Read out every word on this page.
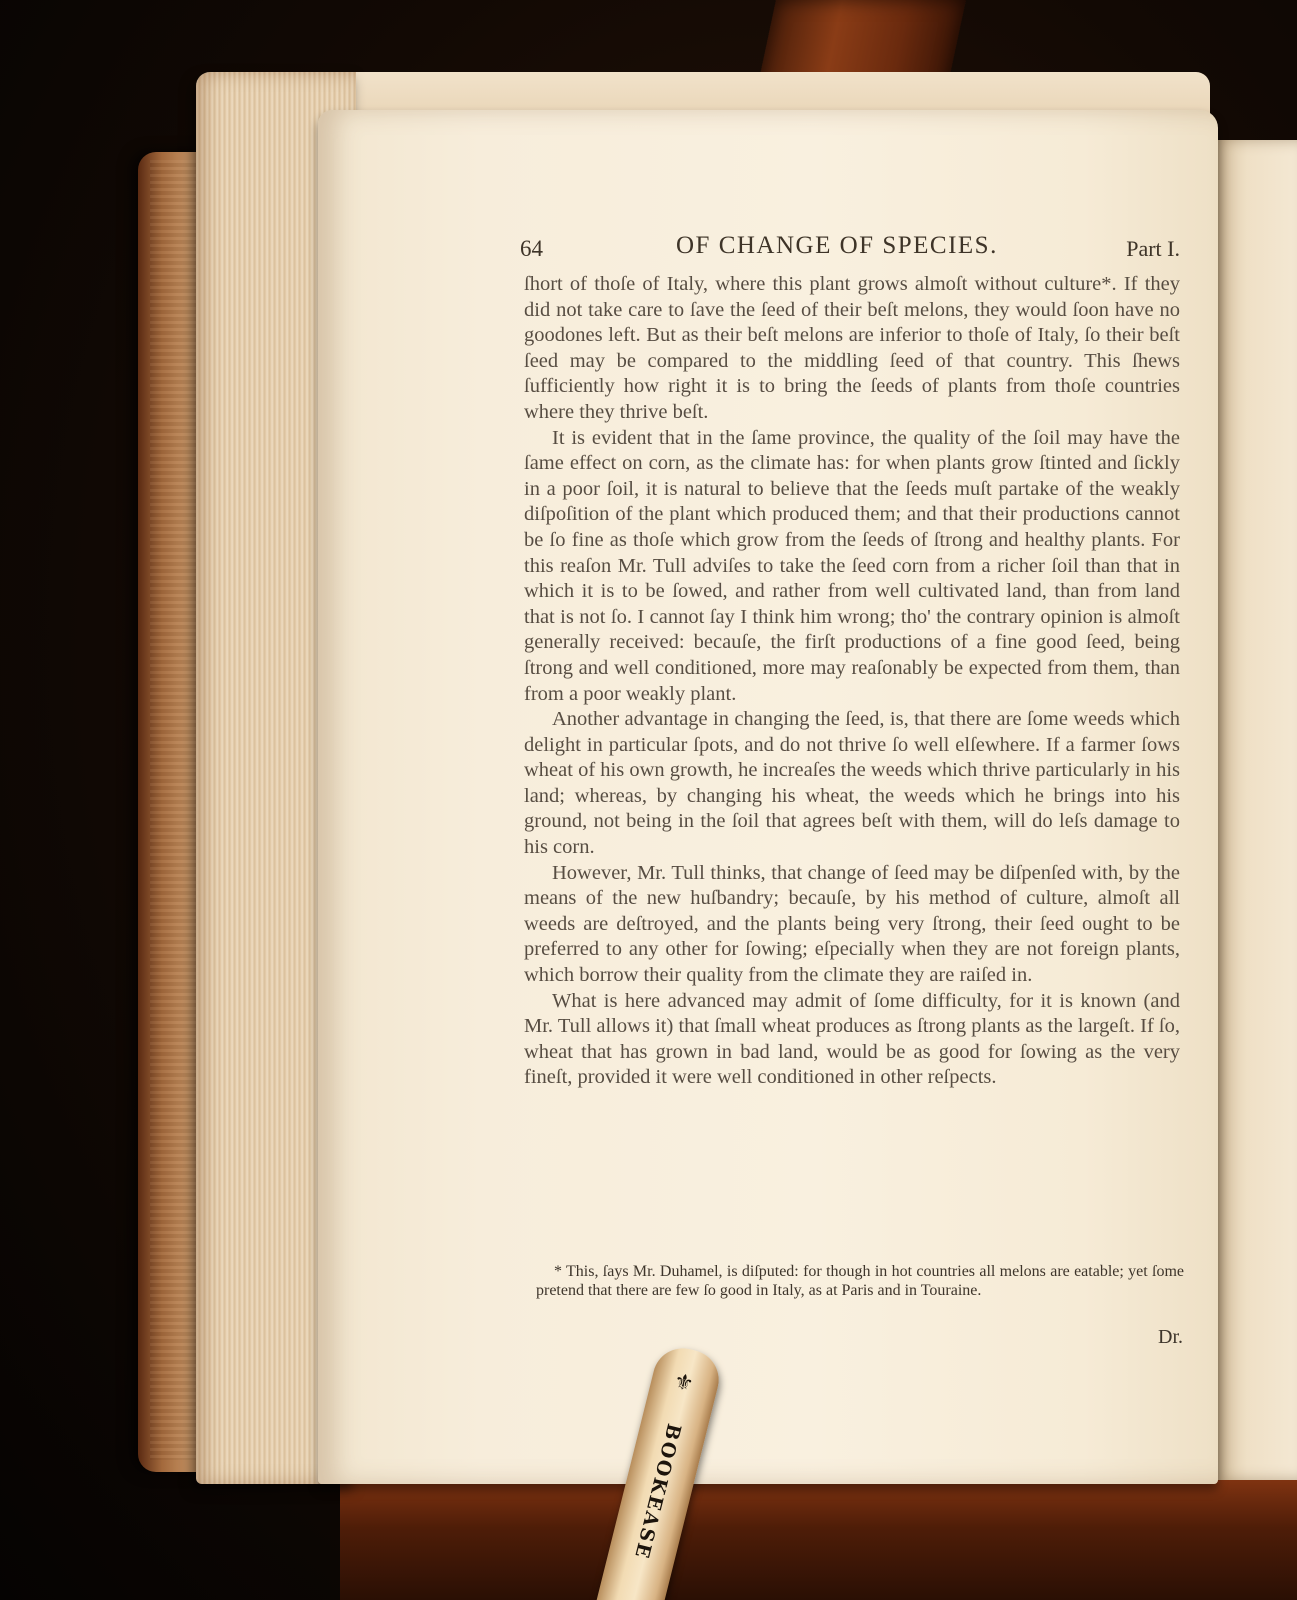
64	OF CHANGE OF SPECIES.	Part I.

ſhort of thoſe of Italy, where this plant grows almoſt without culture*. If they did not take care to ſave the ſeed of their beſt melons, they would ſoon have no goodones left. But as their beſt melons are inferior to thoſe of Italy, ſo their beſt ſeed may be compared to the middling ſeed of that country. This ſhews ſufficiently how right it is to bring the ſeeds of plants from thoſe countries where they thrive beſt.

It is evident that in the ſame province, the quality of the ſoil may have the ſame effect on corn, as the climate has: for when plants grow ſtinted and ſickly in a poor ſoil, it is natural to believe that the ſeeds muſt partake of the weakly diſpoſition of the plant which produced them; and that their productions cannot be ſo fine as thoſe which grow from the ſeeds of ſtrong and healthy plants. For this reaſon Mr. Tull adviſes to take the ſeed corn from a richer ſoil than that in which it is to be ſowed, and rather from well cultivated land, than from land that is not ſo. I cannot ſay I think him wrong; tho' the contrary opinion is almoſt generally received: becauſe, the firſt productions of a fine good ſeed, being ſtrong and well conditioned, more may reaſonably be expected from them, than from a poor weakly plant.

Another advantage in changing the ſeed, is, that there are ſome weeds which delight in particular ſpots, and do not thrive ſo well elſewhere. If a farmer ſows wheat of his own growth, he increaſes the weeds which thrive particularly in his land; whereas, by changing his wheat, the weeds which he brings into his ground, not being in the ſoil that agrees beſt with them, will do leſs damage to his corn.

However, Mr. Tull thinks, that change of ſeed may be diſpenſed with, by the means of the new huſbandry; becauſe, by his method of culture, almoſt all weeds are deſtroyed, and the plants being very ſtrong, their ſeed ought to be preferred to any other for ſowing; eſpecially when they are not foreign plants, which borrow their quality from the climate they are raiſed in.

What is here advanced may admit of ſome difficulty, for it is known (and Mr. Tull allows it) that ſmall wheat produces as ſtrong plants as the largeſt. If ſo, wheat that has grown in bad land, would be as good for ſowing as the very fineſt, provided it were well conditioned in other reſpects.

* This, ſays Mr. Duhamel, is diſputed: for though in hot countries all melons are eatable; yet ſome pretend that there are few ſo good in Italy, as at Paris and in Touraine.
Dr.
⚜
BOOKEASE
